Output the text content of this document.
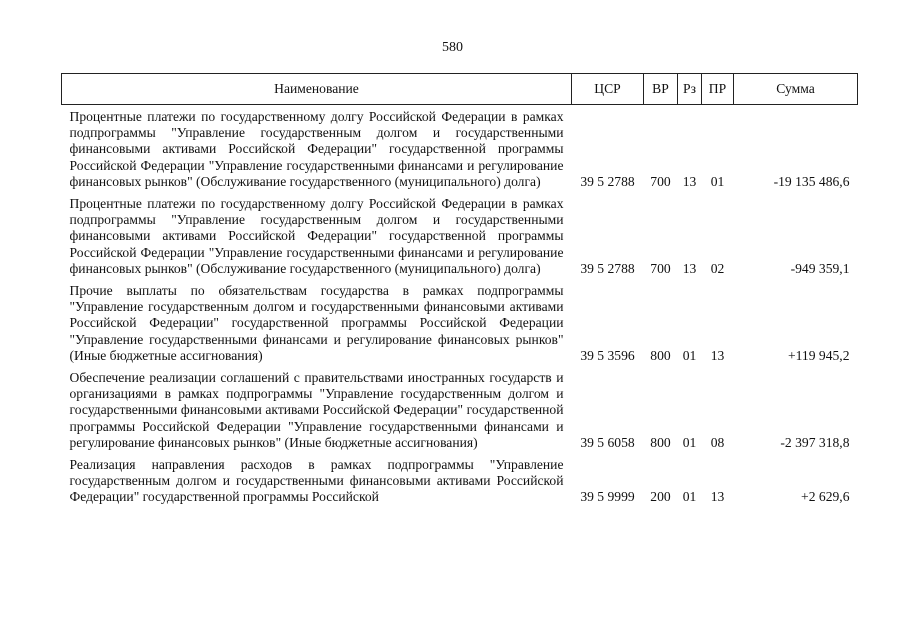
580
Наименование	ЦСР	ВР	Рз	ПР	Сумма
Процентные платежи по государственному долгу Российской Федерации в рамках подпрограммы "Управление государственным долгом и государственными финансовыми активами Российской Федерации" государственной программы Российской Федерации "Управление государственными финансами и регулирование финансовых рынков" (Обслуживание государственного (муниципального) долга)	39 5 2788	700	13	01	-19 135 486,6
Процентные платежи по государственному долгу Российской Федерации в рамках подпрограммы "Управление государственным долгом и государственными финансовыми активами Российской Федерации" государственной программы Российской Федерации "Управление государственными финансами и регулирование финансовых рынков" (Обслуживание государственного (муниципального) долга)	39 5 2788	700	13	02	-949 359,1
Прочие выплаты по обязательствам государства в рамках подпрограммы "Управление государственным долгом и государственными финансовыми активами Российской Федерации" государственной программы Российской Федерации "Управление государственными финансами и регулирование финансовых рынков" (Иные бюджетные ассигнования)	39 5 3596	800	01	13	+119 945,2
Обеспечение реализации соглашений с правительствами иностранных государств и организациями в рамках подпрограммы "Управление государственным долгом и государственными финансовыми активами Российской Федерации" государственной программы Российской Федерации "Управление государственными финансами и регулирование финансовых рынков" (Иные бюджетные ассигнования)	39 5 6058	800	01	08	-2 397 318,8
Реализация направления расходов в рамках подпрограммы "Управление государственным долгом и государственными финансовыми активами Российской Федерации" государственной программы Российской	39 5 9999	200	01	13	+2 629,6
